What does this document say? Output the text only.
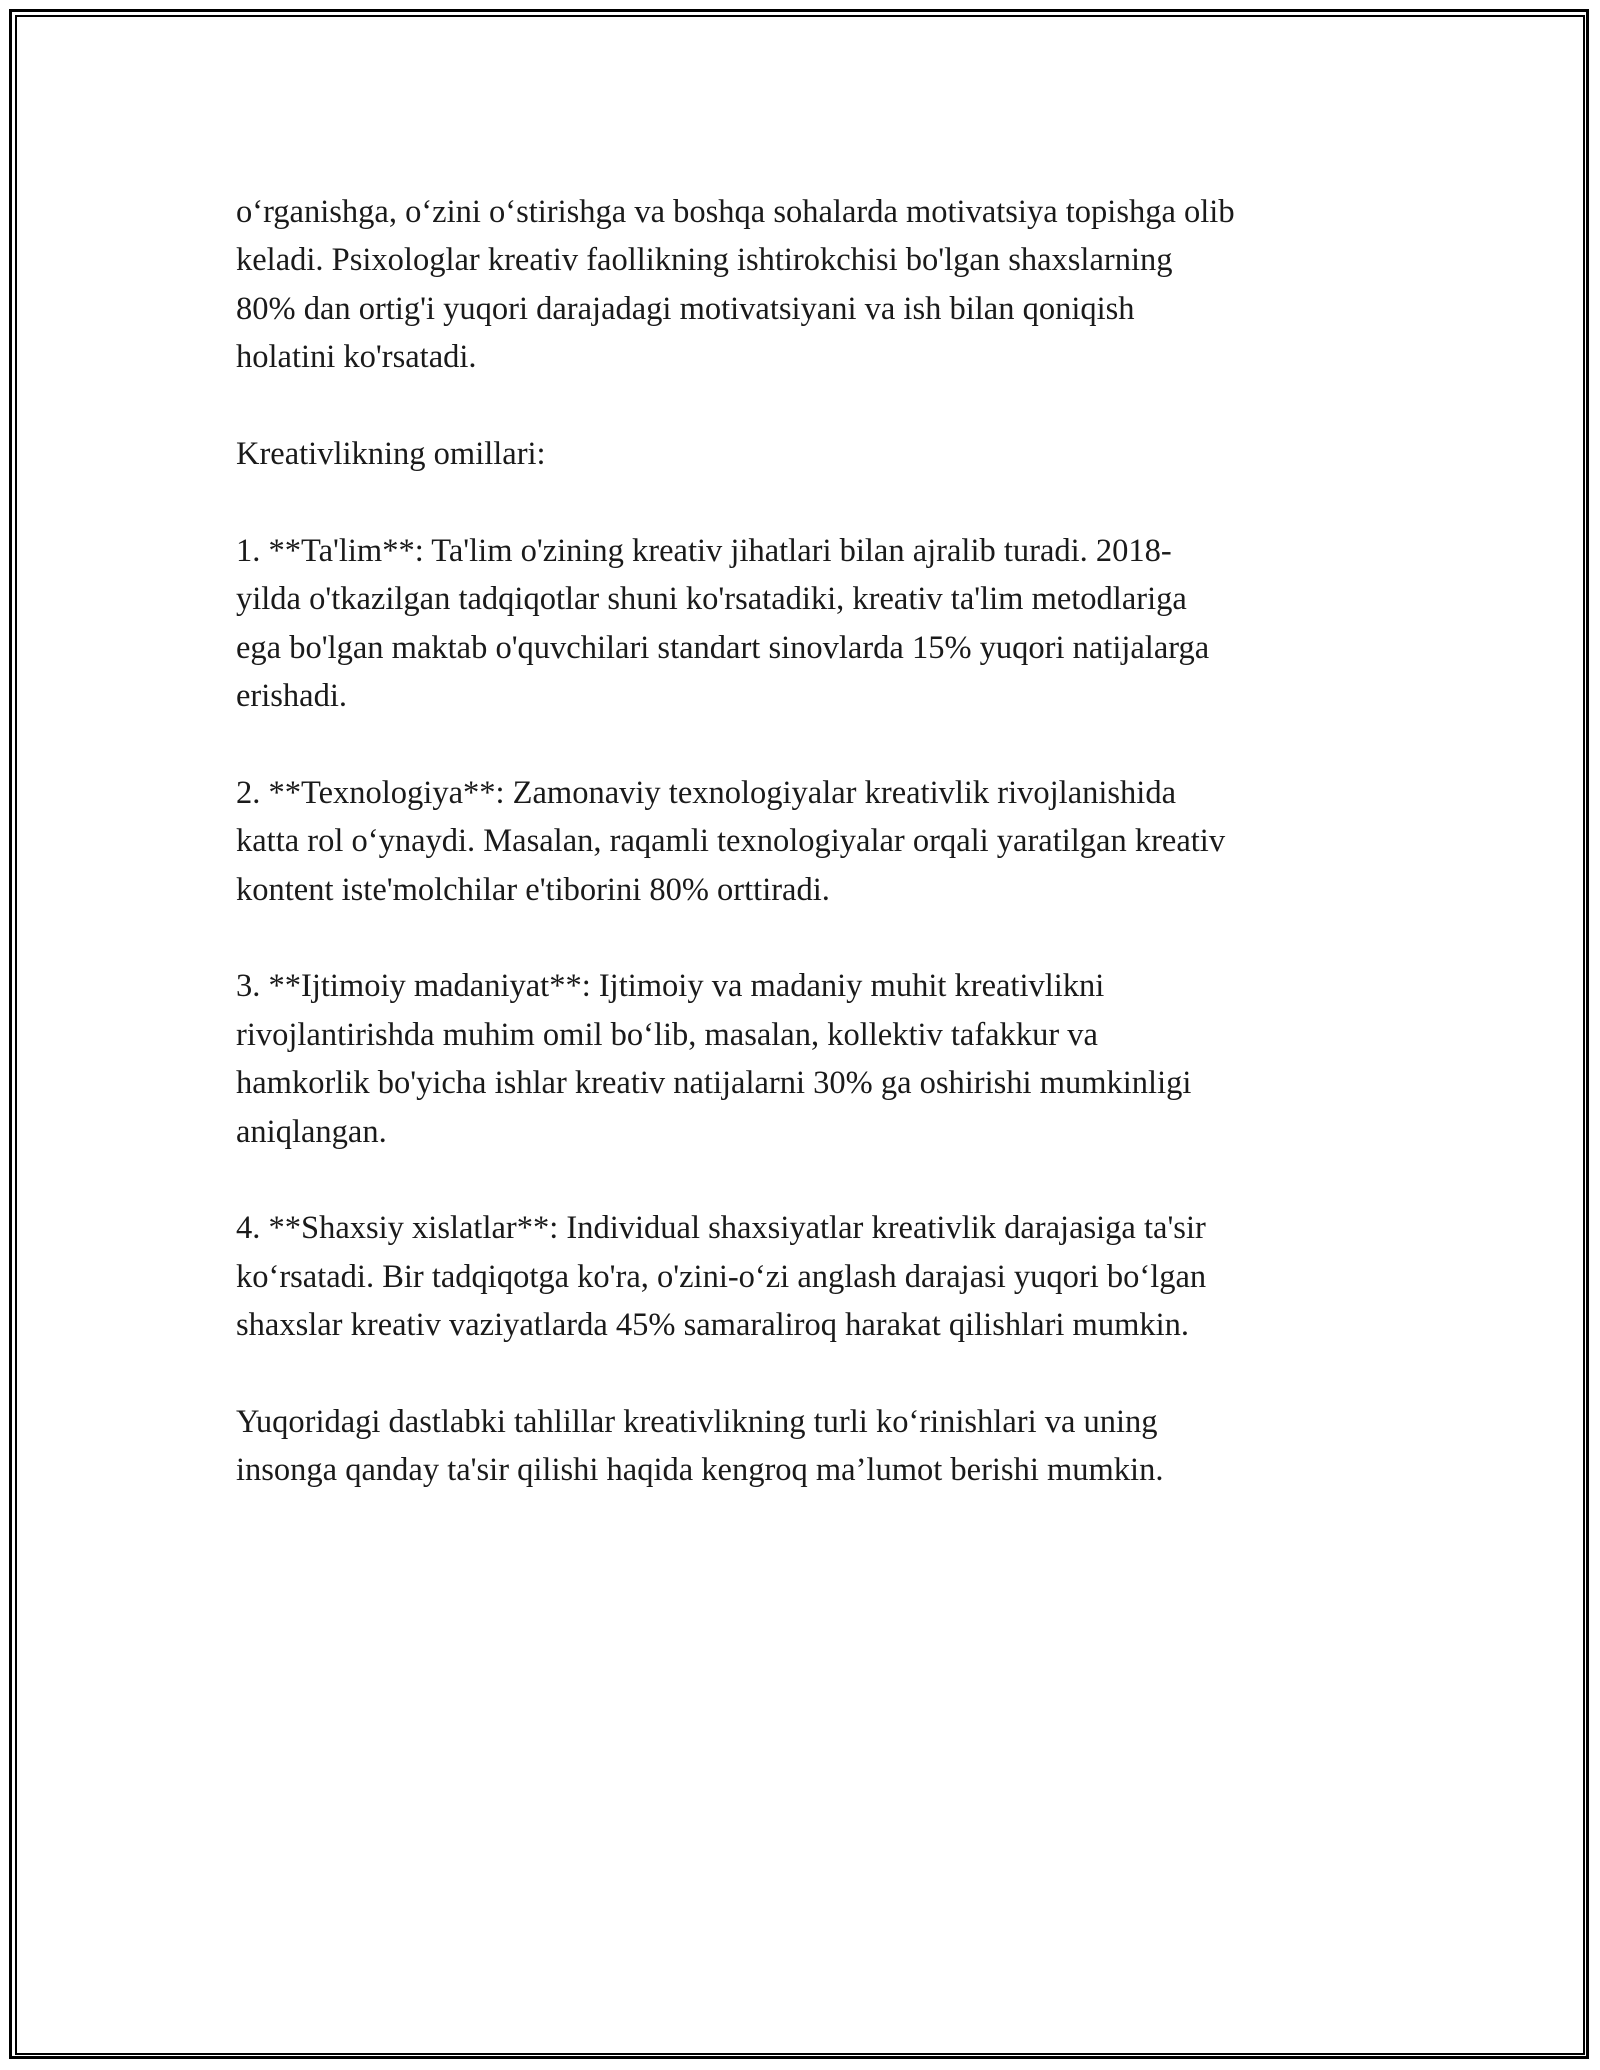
oʻrganishga, oʻzini oʻstirishga va boshqa sohalarda motivatsiya topishga olib
keladi. Psixologlar kreativ faollikning ishtirokchisi bo'lgan shaxslarning
80% dan ortig'i yuqori darajadagi motivatsiyani va ish bilan qoniqish
holatini ko'rsatadi.

Kreativlikning omillari:

1. **Ta'lim**: Ta'lim o'zining kreativ jihatlari bilan ajralib turadi. 2018-
yilda o'tkazilgan tadqiqotlar shuni ko'rsatadiki, kreativ ta'lim metodlariga
ega bo'lgan maktab o'quvchilari standart sinovlarda 15% yuqori natijalarga
erishadi.

2. **Texnologiya**: Zamonaviy texnologiyalar kreativlik rivojlanishida
katta rol oʻynaydi. Masalan, raqamli texnologiyalar orqali yaratilgan kreativ
kontent iste'molchilar e'tiborini 80% orttiradi.

3. **Ijtimoiy madaniyat**: Ijtimoiy va madaniy muhit kreativlikni
rivojlantirishda muhim omil boʻlib, masalan, kollektiv tafakkur va
hamkorlik bo'yicha ishlar kreativ natijalarni 30% ga oshirishi mumkinligi
aniqlangan.

4. **Shaxsiy xislatlar**: Individual shaxsiyatlar kreativlik darajasiga ta'sir
koʻrsatadi. Bir tadqiqotga ko'ra, o'zini-oʻzi anglash darajasi yuqori boʻlgan
shaxslar kreativ vaziyatlarda 45% samaraliroq harakat qilishlari mumkin.

Yuqoridagi dastlabki tahlillar kreativlikning turli koʻrinishlari va uning
insonga qanday ta'sir qilishi haqida kengroq ma’lumot berishi mumkin.
